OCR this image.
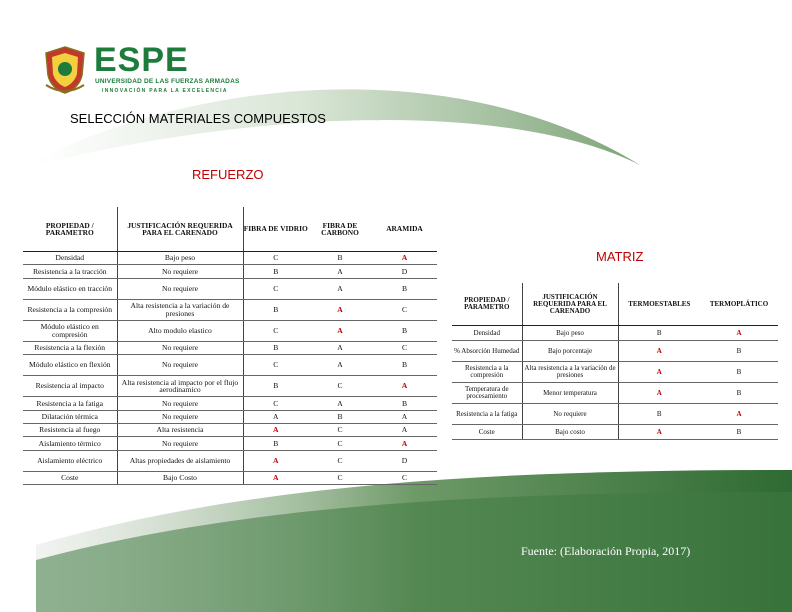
ESPE
UNIVERSIDAD DE LAS FUERZAS ARMADAS
INNOVACIÓN PARA LA EXCELENCIA
SELECCIÓN MATERIALES COMPUESTOS
REFUERZO
MATRIZ
PROPIEDAD / PARAMETRO	JUSTIFICACIÓN REQUERIDA PARA EL CARENADO	FIBRA DE VIDRIO	FIBRA DE CARBONO	ARAMIDA
Densidad	Bajo peso	C	B	A
Resistencia a la tracción	No requiere	B	A	D
Módulo elástico en tracción	No requiere	C	A	B
Resistencia a la compresión	Alta resistencia a la variación de presiones	B	A	C
Módulo elástico en compresión	Alto modulo elastico	C	A	B
Resistencia a la flexión	No requiere	B	A	C
Módulo elástico en flexión	No requiere	C	A	B
Resistencia al impacto	Alta resistencia al impacto por el flujo aerodinamico	B	C	A
Resistencia a la fatiga	No requiere	C	A	B
Dilatación térmica	No requiere	A	B	A
Resistencia al fuego	Alta resistencia	A	C	A
Aislamiento térmico	No requiere	B	C	A
Aislamiento eléctrico	Altas propiedades de aislamiento	A	C	D
Coste	Bajo Costo	A	C	C
PROPIEDAD / PARAMETRO	JUSTIFICACIÓN REQUERIDA PARA EL CARENADO	TERMOESTABLES	TERMOPLÁTICO
Densidad	Bajo peso	B	A
% Absorción Humedad	Bajo porcentaje	A	B
Resistencia a la compresión	Alta resistencia a la variación de presiones	A	B
Temperatura de procesamiento	Menor temperatura	A	B
Resistencia a la fatiga	No requiere	B	A
Coste	Bajo costo	A	B
Fuente: (Elaboración Propia, 2017)
